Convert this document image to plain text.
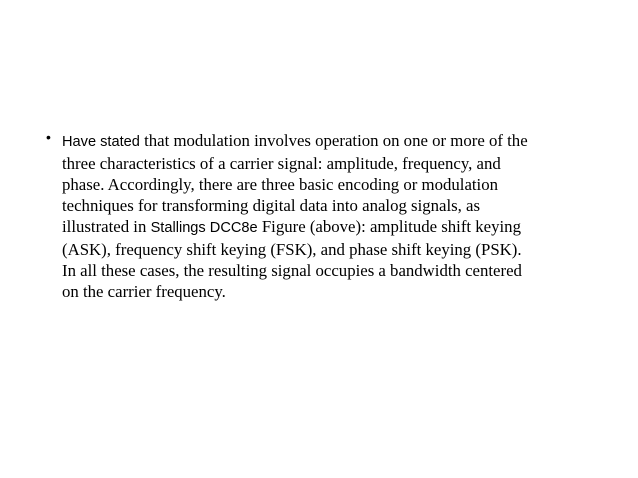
• Have stated that modulation involves operation on one or more of the
three characteristics of a carrier signal: amplitude, frequency, and
phase. Accordingly, there are three basic encoding or modulation
techniques for transforming digital data into analog signals, as
illustrated in Stallings DCC8e Figure (above): amplitude shift keying
(ASK), frequency shift keying (FSK), and phase shift keying (PSK).
In all these cases, the resulting signal occupies a bandwidth centered
on the carrier frequency.
